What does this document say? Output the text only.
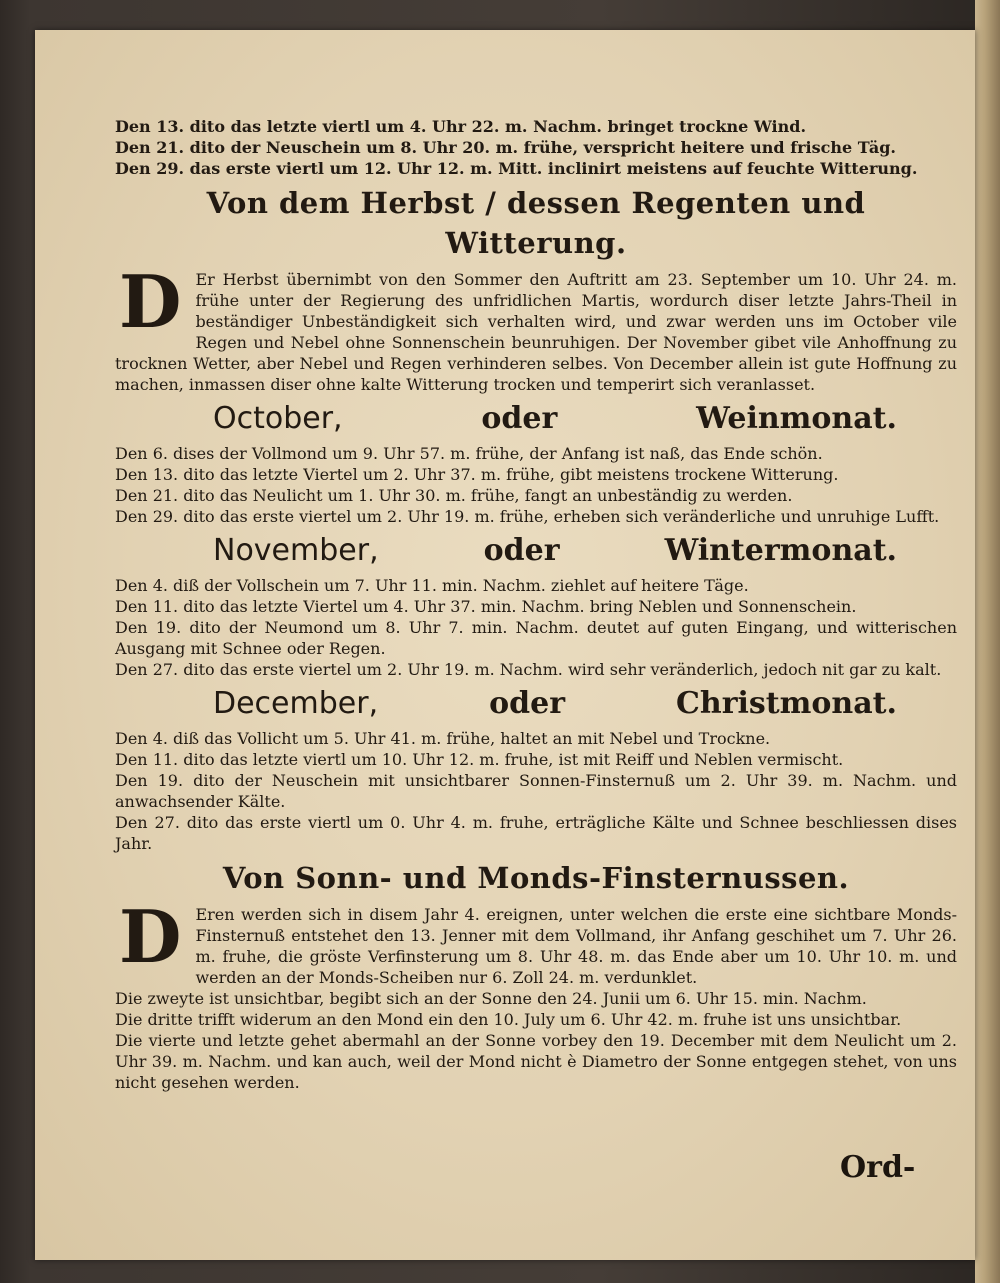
Den 13. dito das letzte viertl um 4. Uhr 22. m. Nachm. bringet trockne Wind.

Den 21. dito der Neuschein um 8. Uhr 20. m. frühe, verspricht heitere und frische Täg.

Den 29. das erste viertl um 12. Uhr 12. m. Mitt. inclinirt meistens auf feuchte Witterung.

Von dem Herbst / dessen Regenten und Witterung.
D Er Herbst übernimbt von den Sommer den Auftritt am 23. September um 10. Uhr 24. m. frühe unter der Regierung des unfridlichen Martis, wordurch diser letzte Jahrs-Theil in beständiger Unbeständigkeit sich verhalten wird, und zwar werden uns im October vile Regen und Nebel ohne Sonnenschein beunruhigen. Der November gibet vile Anhoffnung zu trocknen Wetter, aber Nebel und Regen verhinderen selbes. Von December allein ist gute Hoffnung zu machen, inmassen diser ohne kalte Witterung trocken und temperirt sich veranlasset.

October,	oder	Weinmonat.

Den 6. dises der Vollmond um 9. Uhr 57. m. frühe, der Anfang ist naß, das Ende schön.

Den 13. dito das letzte Viertel um 2. Uhr 37. m. frühe, gibt meistens trockene Witterung.

Den 21. dito das Neulicht um 1. Uhr 30. m. frühe, fangt an unbeständig zu werden.

Den 29. dito das erste viertel um 2. Uhr 19. m. frühe, erheben sich veränderliche und unruhige Lufft.

November,	oder	Wintermonat.

Den 4. diß der Vollschein um 7. Uhr 11. min. Nachm. ziehlet auf heitere Täge.

Den 11. dito das letzte Viertel um 4. Uhr 37. min. Nachm. bring Neblen und Sonnenschein.

Den 19. dito der Neumond um 8. Uhr 7. min. Nachm. deutet auf guten Eingang, und witterischen Ausgang mit Schnee oder Regen.

Den 27. dito das erste viertel um 2. Uhr 19. m. Nachm. wird sehr veränderlich, jedoch nit gar zu kalt.

December,	oder	Christmonat.

Den 4. diß das Vollicht um 5. Uhr 41. m. frühe, haltet an mit Nebel und Trockne.

Den 11. dito das letzte viertl um 10. Uhr 12. m. fruhe, ist mit Reiff und Neblen vermischt.

Den 19. dito der Neuschein mit unsichtbarer Sonnen-Finsternuß um 2. Uhr 39. m. Nachm. und anwachsender Kälte.

Den 27. dito das erste viertl um 0. Uhr 4. m. fruhe, erträgliche Kälte und Schnee beschliessen dises Jahr.

Von Sonn- und Monds-Finsternussen.
D Eren werden sich in disem Jahr 4. ereignen, unter welchen die erste eine sichtbare Monds-Finsternuß entstehet den 13. Jenner mit dem Vollmand, ihr Anfang geschihet um 7. Uhr 26. m. fruhe, die gröste Verfinsterung um 8. Uhr 48. m. das Ende aber um 10. Uhr 10. m. und werden an der Monds-Scheiben nur 6. Zoll 24. m. verdunklet.

Die zweyte ist unsichtbar, begibt sich an der Sonne den 24. Junii um 6. Uhr 15. min. Nachm.

Die dritte trifft widerum an den Mond ein den 10. July um 6. Uhr 42. m. fruhe ist uns unsichtbar.

Die vierte und letzte gehet abermahl an der Sonne vorbey den 19. December mit dem Neulicht um 2. Uhr 39. m. Nachm. und kan auch, weil der Mond nicht è Diametro der Sonne entgegen stehet, von uns nicht gesehen werden.

Ord-
